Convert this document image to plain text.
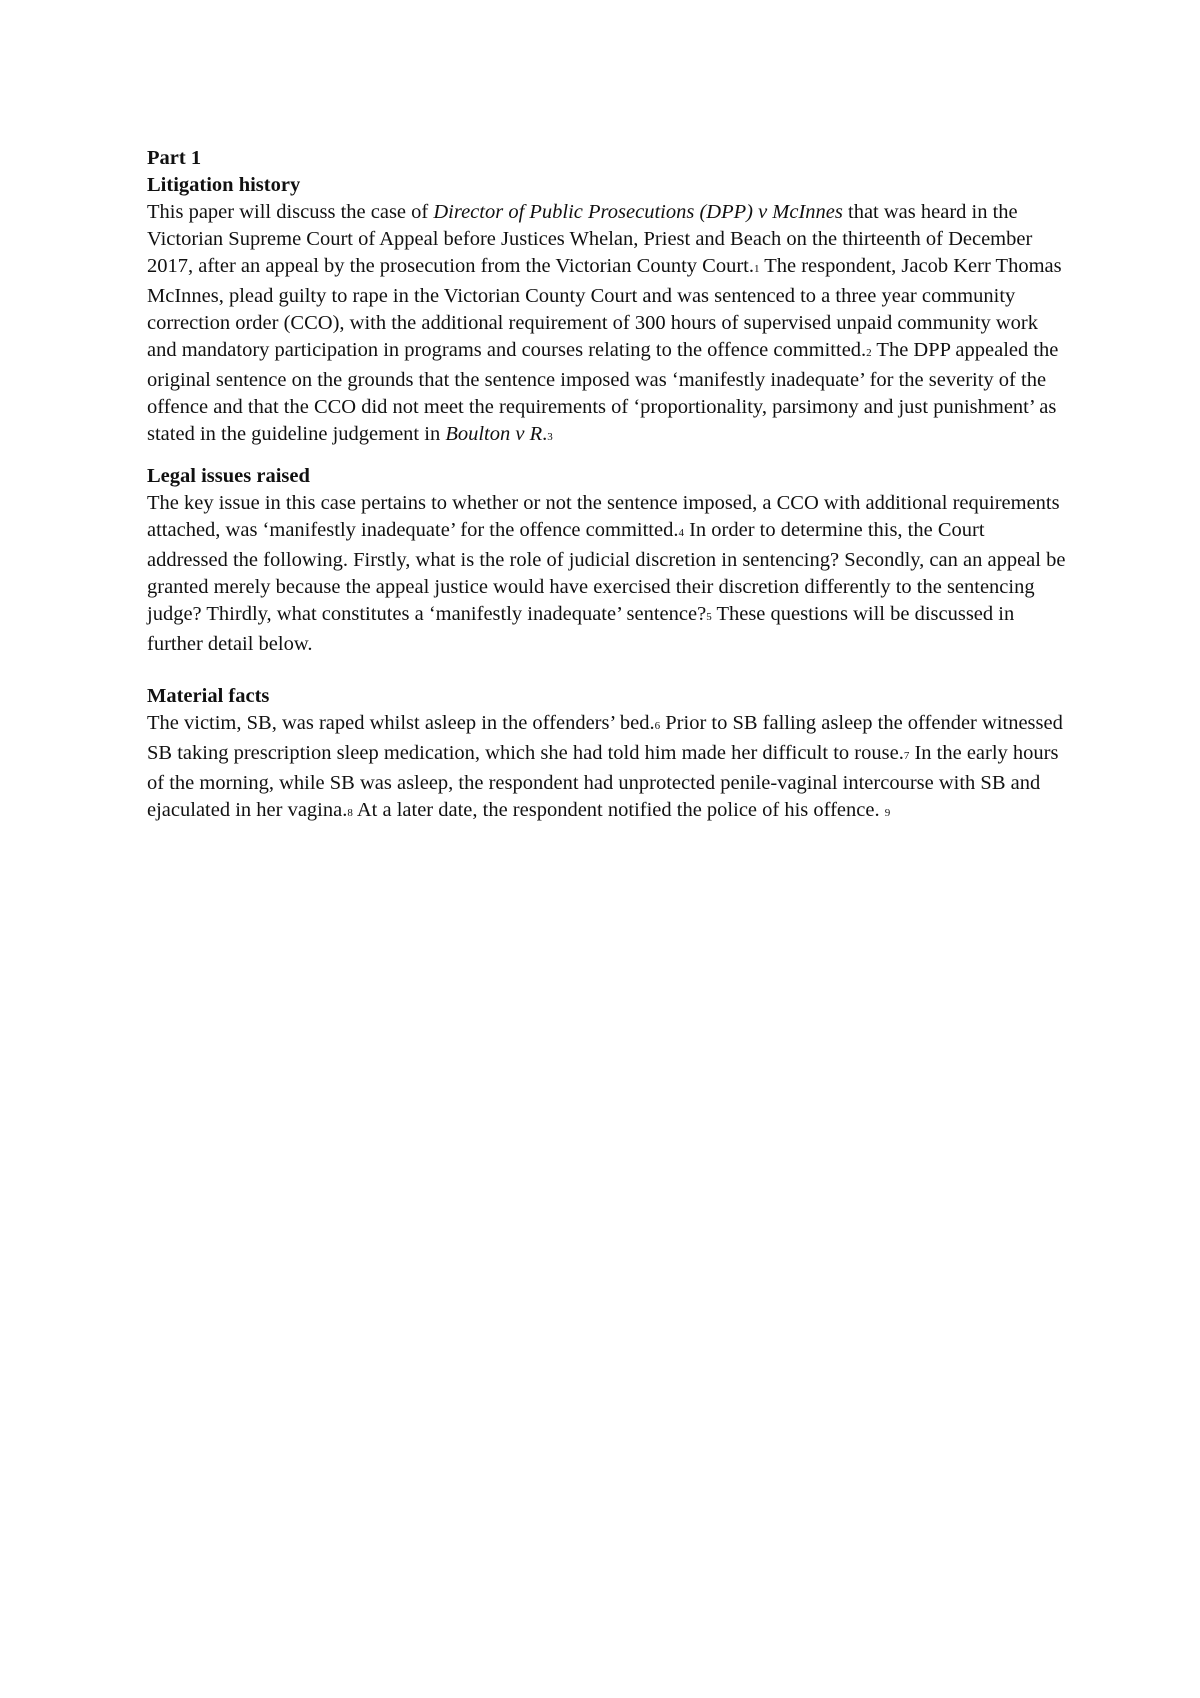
Part 1
Litigation history

This paper will discuss the case of Director of Public Prosecutions (DPP) v McInnes that was heard in the Victorian Supreme Court of Appeal before Justices Whelan, Priest and Beach on the thirteenth of December 2017, after an appeal by the prosecution from the Victorian County Court.1 The respondent, Jacob Kerr Thomas McInnes, plead guilty to rape in the Victorian County Court and was sentenced to a three year community correction order (CCO), with the additional requirement of 300 hours of supervised unpaid community work and mandatory participation in programs and courses relating to the offence committed.2 The DPP appealed the original sentence on the grounds that the sentence imposed was ‘manifestly inadequate’ for the severity of the offence and that the CCO did not meet the requirements of ‘proportionality, parsimony and just punishment’ as stated in the guideline judgement in Boulton v R.3

Legal issues raised

The key issue in this case pertains to whether or not the sentence imposed, a CCO with additional requirements attached, was ‘manifestly inadequate’ for the offence committed.4 In order to determine this, the Court addressed the following. Firstly, what is the role of judicial discretion in sentencing? Secondly, can an appeal be granted merely because the appeal justice would have exercised their discretion differently to the sentencing judge? Thirdly, what constitutes a ‘manifestly inadequate’ sentence?5 These questions will be discussed in further detail below.

Material facts

The victim, SB, was raped whilst asleep in the offenders’ bed.6 Prior to SB falling asleep the offender witnessed SB taking prescription sleep medication, which she had told him made her difficult to rouse.7 In the early hours of the morning, while SB was asleep, the respondent had unprotected penile-vaginal intercourse with SB and ejaculated in her vagina.8 At a later date, the respondent notified the police of his offence. 9
